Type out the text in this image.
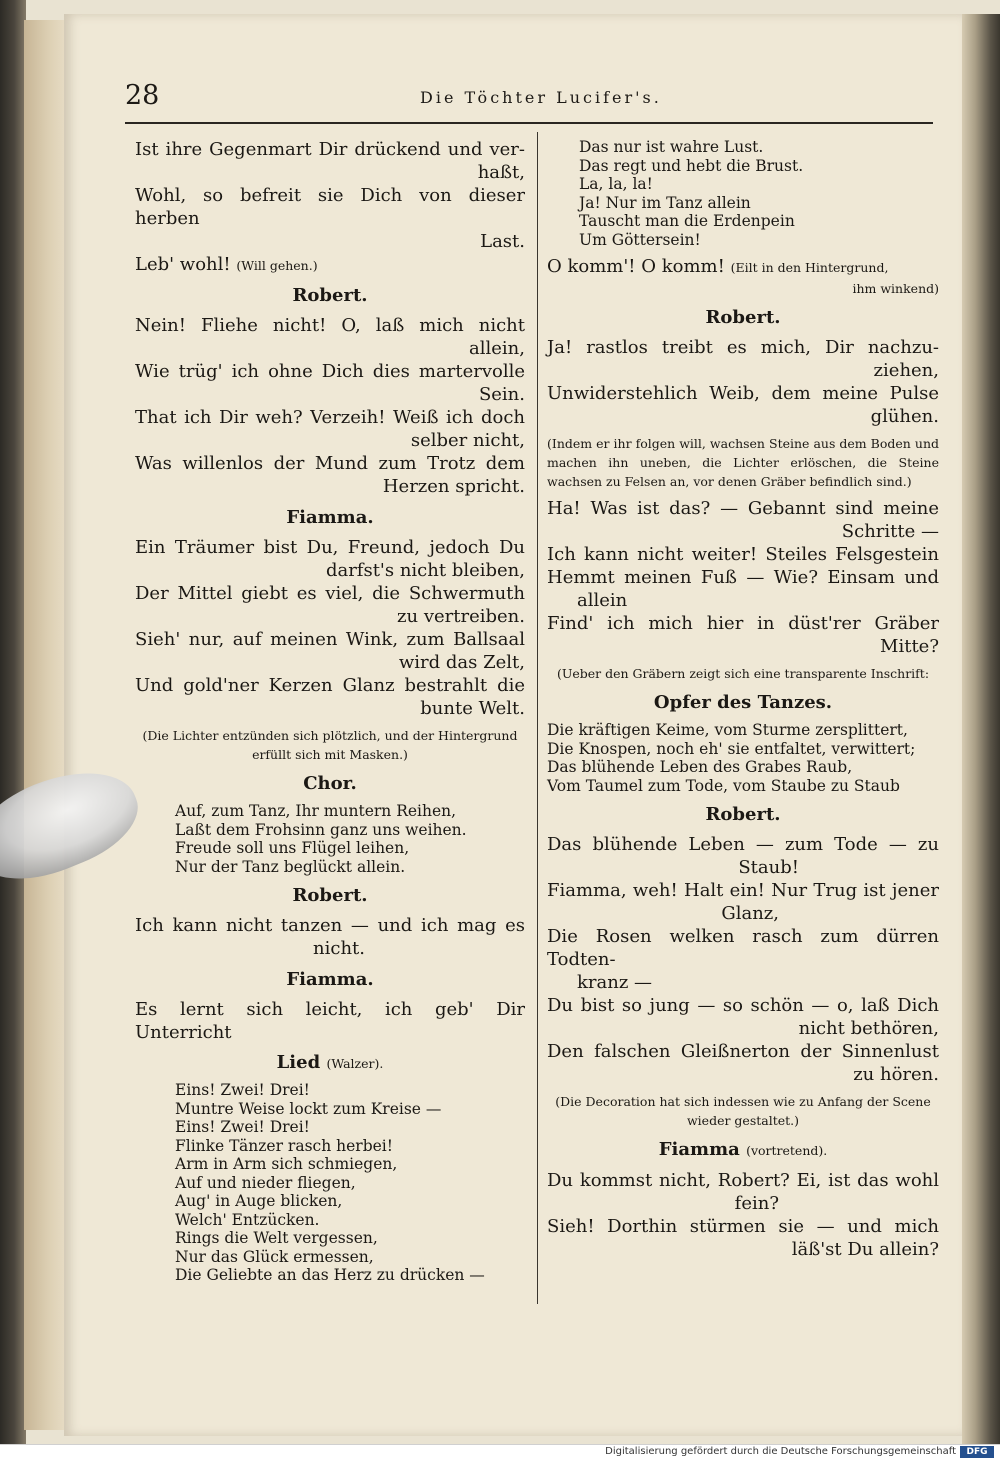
28	Die Töchter Lucifer's.

Ist ihre Gegenmart Dir drückend und ver-

haßt,

Wohl, so befreit sie Dich von dieser herben

Last.

Leb' wohl! (Will gehen.)

Robert.

Nein! Fliehe nicht! O, laß mich nicht

allein,

Wie trüg' ich ohne Dich dies martervolle

Sein.

That ich Dir weh? Verzeih! Weiß ich doch

selber nicht,

Was willenlos der Mund zum Trotz dem

Herzen spricht.

Fiamma.

Ein Träumer bist Du, Freund, jedoch Du

darfst's nicht bleiben,

Der Mittel giebt es viel, die Schwermuth

zu vertreiben.

Sieh' nur, auf meinen Wink, zum Ballsaal

wird das Zelt,

Und gold'ner Kerzen Glanz bestrahlt die

bunte Welt.

(Die Lichter entzünden sich plötzlich, und der Hintergrund
erfüllt sich mit Masken.)

Chor.

Auf, zum Tanz, Ihr muntern Reihen,

Laßt dem Frohsinn ganz uns weihen.

Freude soll uns Flügel leihen,

Nur der Tanz beglückt allein.

Robert.

Ich kann nicht tanzen — und ich mag es

nicht.

Fiamma.

Es lernt sich leicht, ich geb' Dir Unterricht

Lied (Walzer).

Eins! Zwei! Drei!

Muntre Weise lockt zum Kreise —

Eins! Zwei! Drei!

Flinke Tänzer rasch herbei!

Arm in Arm sich schmiegen,

Auf und nieder fliegen,

Aug' in Auge blicken,

Welch' Entzücken.

Rings die Welt vergessen,

Nur das Glück ermessen,

Die Geliebte an das Herz zu drücken —

Das nur ist wahre Lust.

Das regt und hebt die Brust.

La, la, la!

Ja! Nur im Tanz allein

Tauscht man die Erdenpein

Um Göttersein!

O komm'! O komm! (Eilt in den Hintergrund,

ihm winkend)

Robert.

Ja! rastlos treibt es mich, Dir nachzu-

ziehen,

Unwiderstehlich Weib, dem meine Pulse

glühen.

(Indem er ihr folgen will, wachsen Steine aus dem Boden und machen ihn uneben, die Lichter erlöschen, die Steine wachsen zu Felsen an, vor denen Gräber befindlich sind.)

Ha! Was ist das? — Gebannt sind meine

Schritte —

Ich kann nicht weiter! Steiles Felsgestein

Hemmt meinen Fuß — Wie? Einsam und

allein

Find' ich mich hier in düst'rer Gräber

Mitte?

(Ueber den Gräbern zeigt sich eine transparente Inschrift:

Opfer des Tanzes.

Die kräftigen Keime, vom Sturme zersplittert,

Die Knospen, noch eh' sie entfaltet, verwittert;

Das blühende Leben des Grabes Raub,

Vom Taumel zum Tode, vom Staube zu Staub

Robert.

Das blühende Leben — zum Tode — zu

Staub!

Fiamma, weh! Halt ein! Nur Trug ist jener

Glanz,

Die Rosen welken rasch zum dürren Todten-

kranz —

Du bist so jung — so schön — o, laß Dich

nicht bethören,

Den falschen Gleißnerton der Sinnenlust

zu hören.

(Die Decoration hat sich indessen wie zu Anfang der Scene
wieder gestaltet.)

Fiamma (vortretend).

Du kommst nicht, Robert? Ei, ist das wohl

fein?

Sieh! Dorthin stürmen sie — und mich

läß'st Du allein?

Digitalisierung gefördert durch die Deutsche Forschungsgemeinschaft	DFG
